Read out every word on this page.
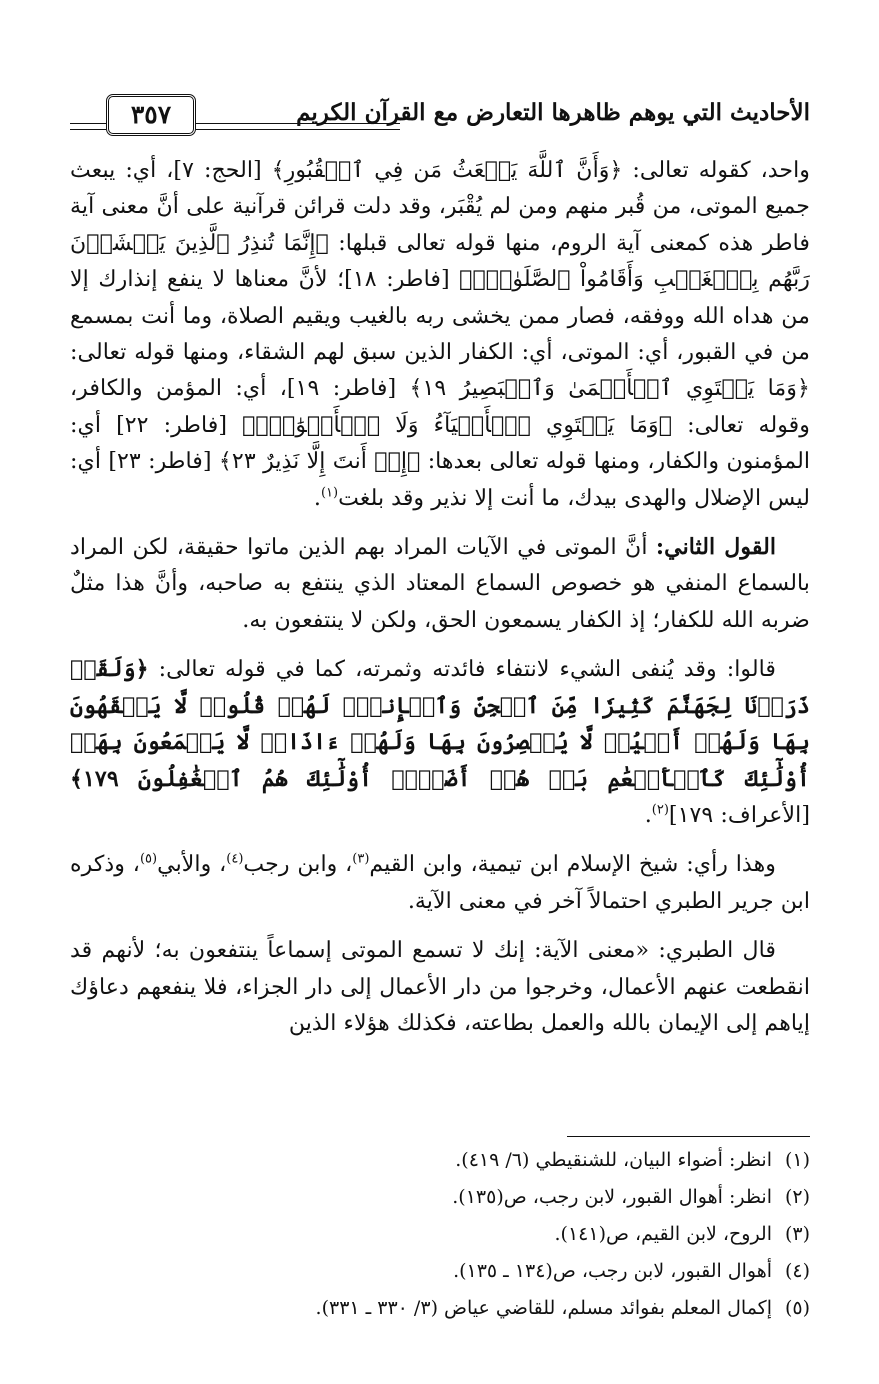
الأحاديث التي يوهم ظاهرها التعارض مع القرآن الكريم
٣٥٧

واحد، كقوله تعالى: ﴿وَأَنَّ ٱللَّهَ يَبۡعَثُ مَن فِي ٱلۡقُبُورِ﴾ [الحج: ٧]، أي: يبعث جميع الموتى، من قُبر منهم ومن لم يُقْبَر، وقد دلت قرائن قرآنية على أنَّ معنى آية فاطر هذه كمعنى آية الروم، منها قوله تعالى قبلها: ﴿إِنَّمَا تُنذِرُ ٱلَّذِينَ يَخۡشَوۡنَ رَبَّهُم بِٱلۡغَيۡبِ وَأَقَامُواْ ٱلصَّلَوٰةَۚ﴾ [فاطر: ١٨]؛ لأنَّ معناها لا ينفع إنذارك إلا من هداه الله ووفقه، فصار ممن يخشى ربه بالغيب ويقيم الصلاة، وما أنت بمسمع من في القبور، أي: الموتى، أي: الكفار الذين سبق لهم الشقاء، ومنها قوله تعالى: ﴿وَمَا يَسۡتَوِي ٱلۡأَعۡمَىٰ وَٱلۡبَصِيرُ ١٩﴾ [فاطر: ١٩]، أي: المؤمن والكافر، وقوله تعالى: ﴿وَمَا يَسۡتَوِي ٱلۡأَحۡيَآءُ وَلَا ٱلۡأَمۡوَٰتُۚ﴾ [فاطر: ٢٢] أي: المؤمنون والكفار، ومنها قوله تعالى بعدها: ﴿إِنۡ أَنتَ إِلَّا نَذِيرٌ ٢٣﴾ [فاطر: ٢٣] أي: ليس الإضلال والهدى بيدك، ما أنت إلا نذير وقد بلغت$^{(١)}$.

القول الثاني: أنَّ الموتى في الآيات المراد بهم الذين ماتوا حقيقة، لكن المراد بالسماع المنفي هو خصوص السماع المعتاد الذي ينتفع به صاحبه، وأنَّ هذا مثلٌ ضربه الله للكفار؛ إذ الكفار يسمعون الحق، ولكن لا ينتفعون به.

قالوا: وقد يُنفى الشيء لانتفاء فائدته وثمرته، كما في قوله تعالى: ﴿وَلَقَدۡ ذَرَأۡنَا لِجَهَنَّمَ كَثِيرٗا مِّنَ ٱلۡجِنِّ وَٱلۡإِنسِۖ لَهُمۡ قُلُوبٞ لَّا يَفۡقَهُونَ بِهَا وَلَهُمۡ أَعۡيُنٞ لَّا يُبۡصِرُونَ بِهَا وَلَهُمۡ ءَاذَانٞ لَّا يَسۡمَعُونَ بِهَآۚ أُوْلَٰٓئِكَ كَٱلۡأَنۡعَٰمِ بَلۡ هُمۡ أَضَلُّۚ أُوْلَٰٓئِكَ هُمُ ٱلۡغَٰفِلُونَ ١٧٩﴾ [الأعراف: ١٧٩]$^{(٢)}$.

وهذا رأي: شيخ الإسلام ابن تيمية، وابن القيم$^{(٣)}$، وابن رجب$^{(٤)}$، والأبي$^{(٥)}$، وذكره ابن جرير الطبري احتمالاً آخر في معنى الآية.

قال الطبري: «معنى الآية: إنك لا تسمع الموتى إسماعاً ينتفعون به؛ لأنهم قد انقطعت عنهم الأعمال، وخرجوا من دار الأعمال إلى دار الجزاء، فلا ينفعهم دعاؤك إياهم إلى الإيمان بالله والعمل بطاعته، فكذلك هؤلاء الذين

(١)انظر: أضواء البيان، للشنقيطي (٦/ ٤١٩).
(٢)انظر: أهوال القبور، لابن رجب، ص(١٣٥).
(٣)الروح، لابن القيم، ص(١٤١).
(٤)أهوال القبور، لابن رجب، ص(١٣٤ ـ ١٣٥).
(٥)إكمال المعلم بفوائد مسلم، للقاضي عياض (٣/ ٣٣٠ ـ ٣٣١).
